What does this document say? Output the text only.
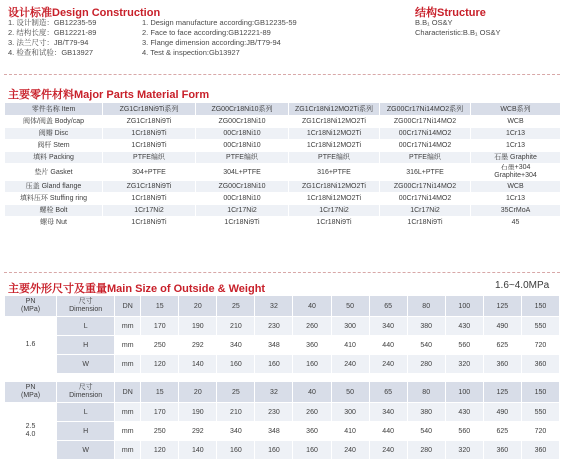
设计标准Design Construction
1. 设计制造：GB12235-59
2. 结构长度：GB12221-89
3. 法兰尺寸：JB/T79-94
4. 检查和试验：GB13927
1. Design manufacture according:GB12235-59
2. Face to face according:GB12221-89
3. Flange dimension according:JB/T79-94
4. Test & inspection:Gb13927
结构Structure
B.B₁ OS&Y
Characteristic:B.B₁ OS&Y
主要零件材料Major Parts Material Form
零件名称 Item	ZG1Cr18Ni9Ti系列	ZG00Cr18Ni10系列	ZG1Cr18Ni12MO2Ti系列	ZG00Cr17Ni14MO2系列	WCB系列
阀体/阀盖 Body/cap	ZG1Cr18Ni9Ti	ZG00Cr18Ni10	ZG1Cr18Ni12MO2Ti	ZG00Cr17Ni14MO2	WCB
阀瓣 Disc	1Cr18Ni9Ti	00Cr18Ni10	1Cr18Ni12MO2Ti	00Cr17Ni14MO2	1Cr13
阀杆 Stem	1Cr18Ni9Ti	00Cr18Ni10	1Cr18Ni12MO2Ti	00Cr17Ni14MO2	1Cr13
填料 Packing	PTFE编织	PTFE编织	PTFE编织	PTFE编织	石墨 Graphite
垫片 Gasket	304+PTFE	304L+PTFE	316+PTFE	316L+PTFE	石墨+304
Graphite+304
压盖 Gland flange	ZG1Cr18Ni9Ti	ZG00Cr18Ni10	ZG1Cr18Ni12MO2Ti	ZG00Cr17Ni14MO2	WCB
填料压环 Stuffing ring	1Cr18Ni9Ti	00Cr18Ni10	1Cr18Ni12MO2Ti	00Cr17Ni14MO2	1Cr13
螺栓 Bolt	1Cr17Ni2	1Cr17Ni2	1Cr17Ni2	1Cr17Ni2	35CrMoA
螺母 Nut	1Cr18Ni9Ti	1Cr18Ni9Ti	1Cr18Ni9Ti	1Cr18Ni9Ti	45
主要外形尺寸及重量Main Size of Outside & Weight	1.6~4.0MPa
PN
(MPa)	尺寸
Dimension	DN	15	20	25	32	40	50	65	80	100	125	150
1.6	L	mm	170	190	210	230	260	300	340	380	430	490	550
	H	mm	250	292	340	348	360	410	440	540	560	625	720
	W	mm	120	140	160	160	160	240	240	280	320	360	360
PN
(MPa)	尺寸
Dimension	DN	15	20	25	32	40	50	65	80	100	125	150
2.5
4.0	L	mm	170	190	210	230	260	300	340	380	430	490	550
	H	mm	250	292	340	348	360	410	440	540	560	625	720
	W	mm	120	140	160	160	160	240	240	280	320	360	360
